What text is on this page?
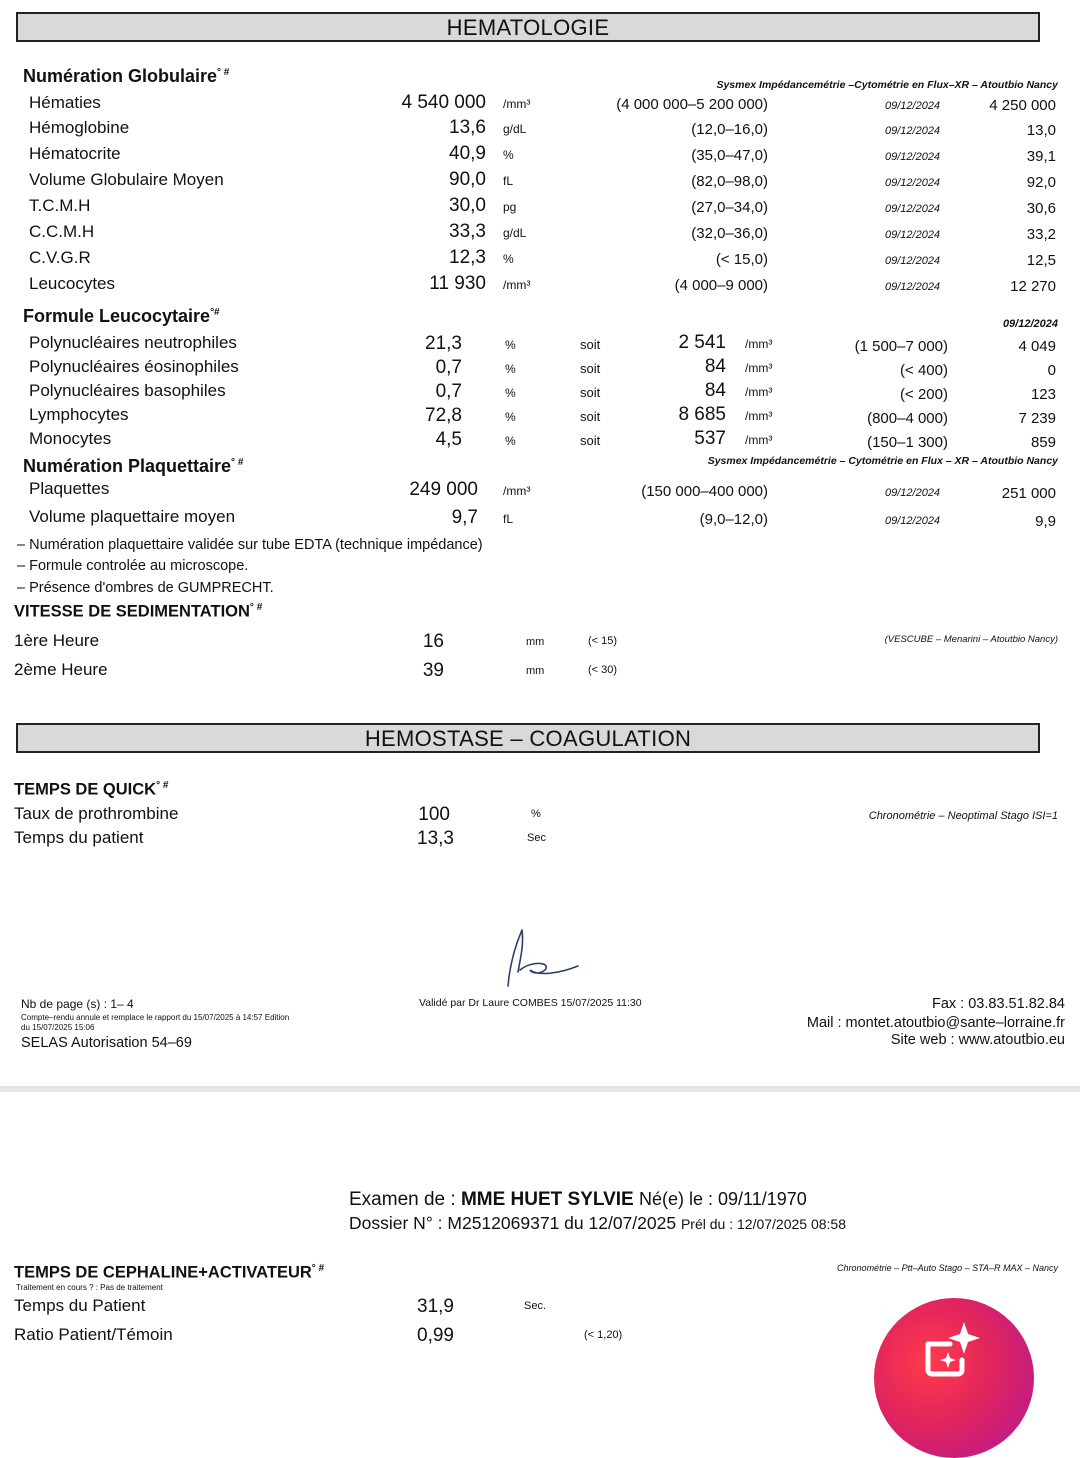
HEMATOLOGIE
Numération Globulaire° #
Sysmex Impédancemétrie –Cytométrie en Flux–XR – Atoutbio Nancy
Hématies	4 540 000 /mm³	(4 000 000–5 200 000)	09/12/2024	4 250 000
Hémoglobine	13,6 g/dL	(12,0–16,0)	09/12/2024	13,0
Hématocrite	40,9 %	(35,0–47,0)	09/12/2024	39,1
Volume Globulaire Moyen	90,0 fL	(82,0–98,0)	09/12/2024	92,0
T.C.M.H	30,0 pg	(27,0–34,0)	09/12/2024	30,6
C.C.M.H	33,3 g/dL	(32,0–36,0)	09/12/2024	33,2
C.V.G.R	12,3 %	(< 15,0)	09/12/2024	12,5
Leucocytes	11 930 /mm³	(4 000–9 000)	09/12/2024	12 270
Formule Leucocytaire°#
09/12/2024
Polynucléaires neutrophiles	21,3	%	soit	2 541 /mm³	(1 500–7 000)	4 049
Polynucléaires éosinophiles	0,7	%	soit	84 /mm³	(< 400)	0
Polynucléaires basophiles	0,7	%	soit	84 /mm³	(< 200)	123
Lymphocytes	72,8	%	soit	8 685 /mm³	(800–4 000)	7 239
Monocytes	4,5	%	soit	537 /mm³	(150–1 300)	859
Numération Plaquettaire° #	Sysmex Impédancemétrie – Cytométrie en Flux – XR – Atoutbio Nancy
Plaquettes	249 000 /mm³	(150 000–400 000)	09/12/2024	251 000
Volume plaquettaire moyen	9,7 fL	(9,0–12,0)	09/12/2024	9,9
– Numération plaquettaire validée sur tube EDTA (technique impédance)
– Formule controlée au microscope.
– Présence d'ombres de GUMPRECHT.
VITESSE DE SEDIMENTATION° #
(VESCUBE – Menarini – Atoutbio Nancy)
1ère Heure	16	mm	(< 15)
2ème Heure	39	mm	(< 30)
HEMOSTASE – COAGULATION
TEMPS DE QUICK° #
Chronométrie – Neoptimal Stago ISI=1
Taux de prothrombine	100	%
Temps du patient	13,3	Sec
Nb de page (s) : 1– 4
Compte–rendu annule et remplace le rapport du 15/07/2025 à 14:57 Edition
du 15/07/2025 15:06
SELAS Autorisation 54–69
Validé par Dr Laure COMBES 15/07/2025 11:30	Fax : 03.83.51.82.84
Mail : montet.atoutbio@sante–lorraine.fr
Site web : www.atoutbio.eu
Examen de : MME HUET SYLVIE Né(e) le : 09/11/1970
Dossier N° : M2512069371 du 12/07/2025 Prél du : 12/07/2025 08:58
TEMPS DE CEPHALINE+ACTIVATEUR° #
Traitement en cours ? : Pas de traitement
Chronométrie – Ptt–Auto Stago – STA–R MAX – Nancy
Temps du Patient	31,9	Sec.
Ratio Patient/Témoin	0,99	(< 1,20)
